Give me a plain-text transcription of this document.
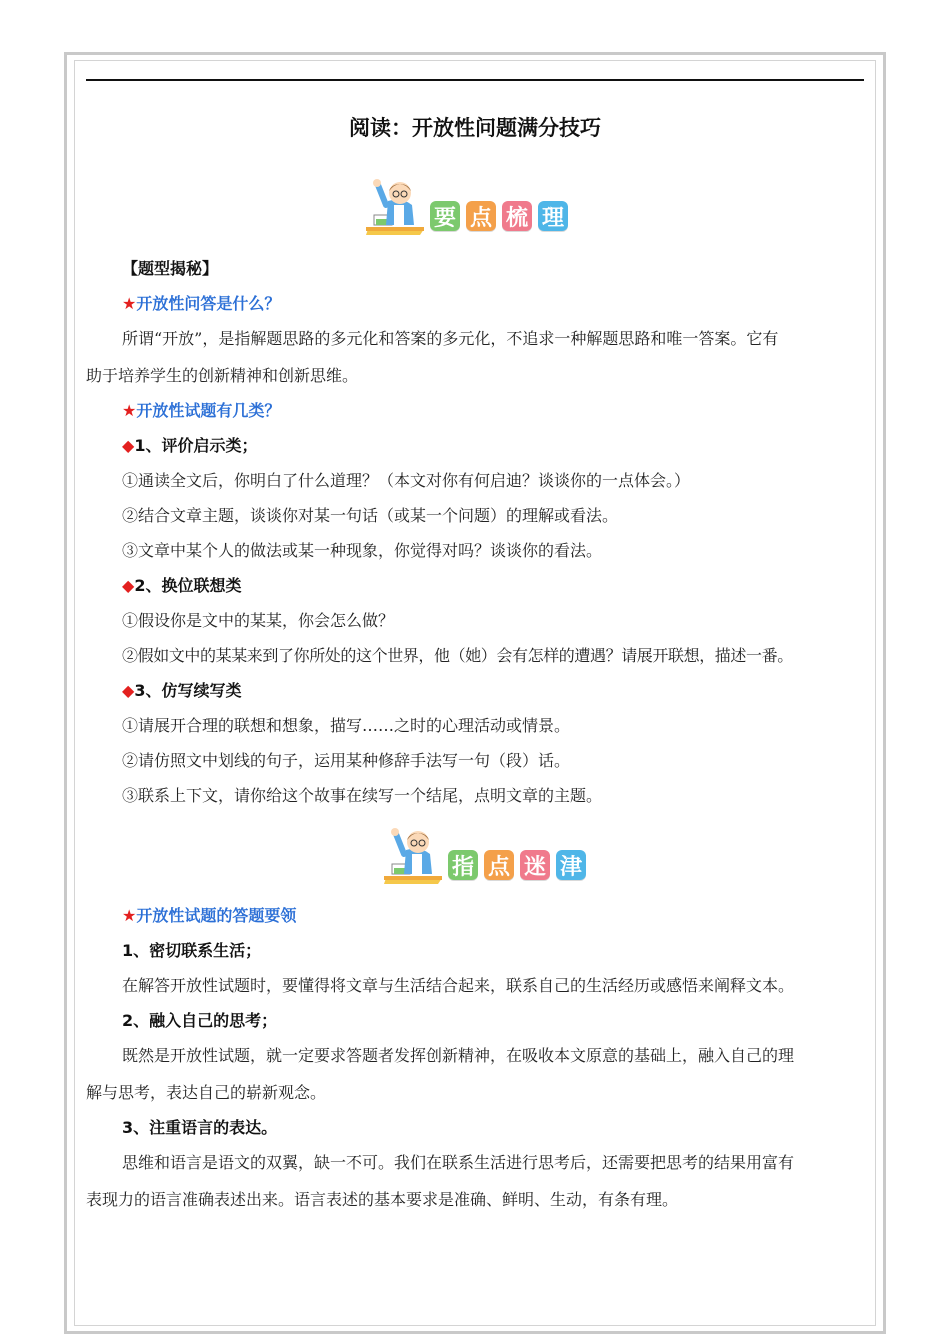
阅读：开放性问题满分技巧
要 点 梳 理
【题型揭秘】
★开放性问答是什么？
所谓“开放”，是指解题思路的多元化和答案的多元化，不追求一种解题思路和唯一答案。它有
助于培养学生的创新精神和创新思维。
★开放性试题有几类？
◆1、评价启示类；
①通读全文后，你明白了什么道理？（本文对你有何启迪？谈谈你的一点体会。）
②结合文章主题，谈谈你对某一句话（或某一个问题）的理解或看法。
③文章中某个人的做法或某一种现象，你觉得对吗？谈谈你的看法。
◆2、换位联想类
①假设你是文中的某某，你会怎么做？
②假如文中的某某来到了你所处的这个世界，他（她）会有怎样的遭遇？请展开联想，描述一番。
◆3、仿写续写类
①请展开合理的联想和想象，描写……之时的心理活动或情景。
②请仿照文中划线的句子，运用某种修辞手法写一句（段）话。
③联系上下文，请你给这个故事在续写一个结尾，点明文章的主题。
指 点 迷 津
★开放性试题的答题要领
1、密切联系生活；
在解答开放性试题时，要懂得将文章与生活结合起来，联系自己的生活经历或感悟来阐释文本。
2、融入自己的思考；
既然是开放性试题，就一定要求答题者发挥创新精神，在吸收本文原意的基础上，融入自己的理
解与思考，表达自己的崭新观念。
3、注重语言的表达。
思维和语言是语文的双翼，缺一不可。我们在联系生活进行思考后，还需要把思考的结果用富有
表现力的语言准确表述出来。语言表述的基本要求是准确、鲜明、生动，有条有理。
